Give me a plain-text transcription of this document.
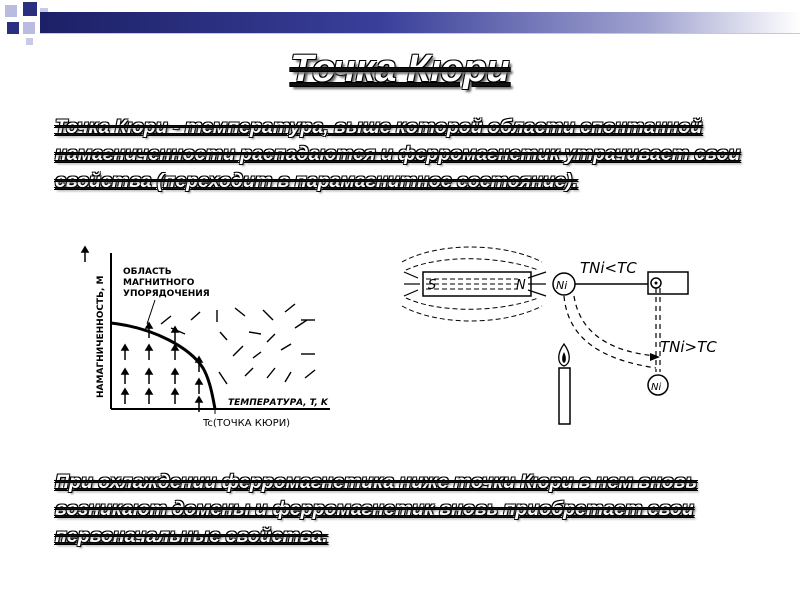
Точка Кюри

Точка Кюри - температура, выше которой области спонтанной намагниченности распадаются и ферромагнетик утрачивает свои свойства (переходит в парамагнитное состояние).

НАМАГНИЧЕННОСТЬ, M
ОБЛАСТЬ
МАГНИТНОГО
УПОРЯДОЧЕНИЯ
ТЕМПЕРАТУРА, T, K
Tc(ТОЧКА КЮРИ)
S	N	Ni
TNi<TC
TNi>TC
Ni

При охлаждении ферромагнетика ниже точки Кюри в нем вновь возникают домены и ферромагнетик вновь приобретает свои первоначальные свойства.
